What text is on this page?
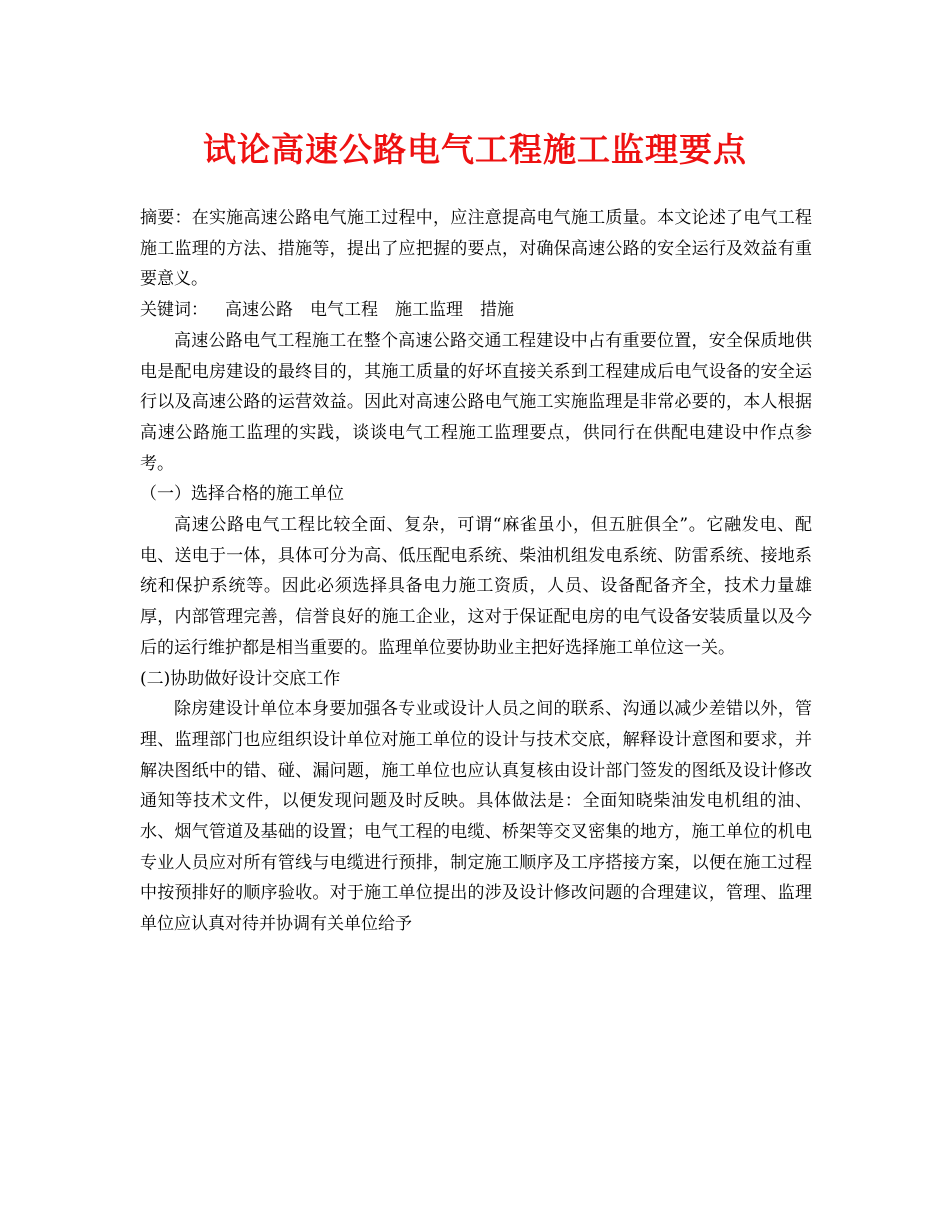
试论高速公路电气工程施工监理要点

摘要：在实施高速公路电气施工过程中，应注意提高电气施工质量。本文论述了电气工程施工监理的方法、措施等，提出了应把握的要点，对确保高速公路的安全运行及效益有重要意义。

关键词： 高速公路 电气工程 施工监理 措施

高速公路电气工程施工在整个高速公路交通工程建设中占有重要位置，安全保质地供电是配电房建设的最终目的，其施工质量的好坏直接关系到工程建成后电气设备的安全运行以及高速公路的运营效益。因此对高速公路电气施工实施监理是非常必要的，本人根据高速公路施工监理的实践，谈谈电气工程施工监理要点，供同行在供配电建设中作点参考。

（一）选择合格的施工单位

高速公路电气工程比较全面、复杂，可谓“麻雀虽小，但五脏俱全”。它融发电、配电、送电于一体，具体可分为高、低压配电系统、柴油机组发电系统、防雷系统、接地系统和保护系统等。因此必须选择具备电力施工资质，人员、设备配备齐全，技术力量雄厚，内部管理完善，信誉良好的施工企业，这对于保证配电房的电气设备安装质量以及今后的运行维护都是相当重要的。监理单位要协助业主把好选择施工单位这一关。

(二)协助做好设计交底工作

除房建设计单位本身要加强各专业或设计人员之间的联系、沟通以减少差错以外，管理、监理部门也应组织设计单位对施工单位的设计与技术交底，解释设计意图和要求，并解决图纸中的错、碰、漏问题，施工单位也应认真复核由设计部门签发的图纸及设计修改通知等技术文件，以便发现问题及时反映。具体做法是：全面知晓柴油发电机组的油、水、烟气管道及基础的设置；电气工程的电缆、桥架等交叉密集的地方，施工单位的机电专业人员应对所有管线与电缆进行预排，制定施工顺序及工序搭接方案，以便在施工过程中按预排好的顺序验收。对于施工单位提出的涉及设计修改问题的合理建议，管理、监理单位应认真对待并协调有关单位给予
